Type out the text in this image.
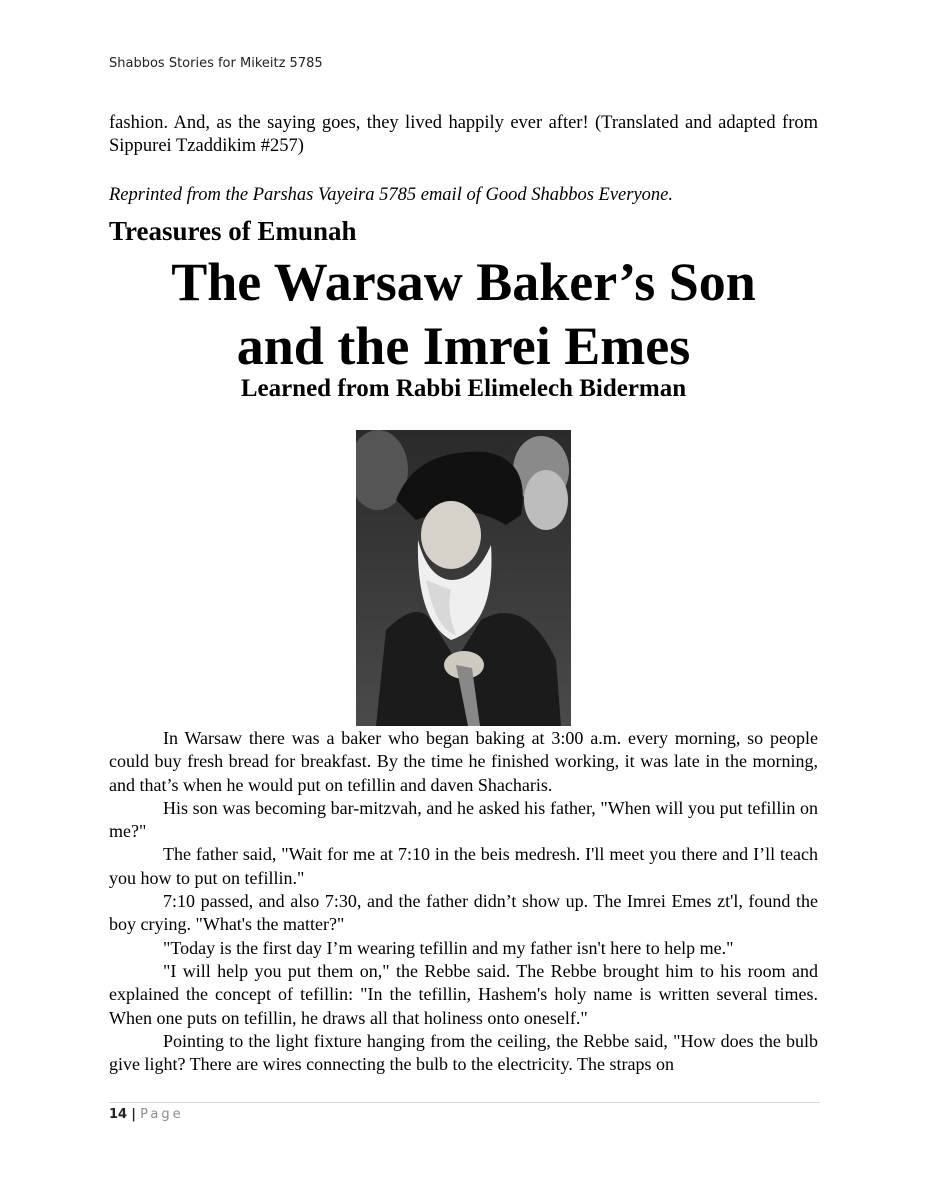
Shabbos Stories for Mikeitz 5785
fashion. And, as the saying goes, they lived happily ever after! (Translated and adapted from Sippurei Tzaddikim #257)
Reprinted from the Parshas Vayeira 5785 email of Good Shabbos Everyone.
Treasures of Emunah
The Warsaw Baker’s Son
and the Imrei Emes
Learned from Rabbi Elimelech Biderman

In Warsaw there was a baker who began baking at 3:00 a.m. every morning, so people could buy fresh bread for breakfast. By the time he finished working, it was late in the morning, and that’s when he would put on tefillin and daven Shacharis.

His son was becoming bar-mitzvah, and he asked his father, "When will you put tefillin on me?"

The father said, "Wait for me at 7:10 in the beis medresh. I'll meet you there and I’ll teach you how to put on tefillin."

7:10 passed, and also 7:30, and the father didn’t show up. The Imrei Emes zt'l, found the boy crying. "What's the matter?"

"Today is the first day I’m wearing tefillin and my father isn't here to help me."

"I will help you put them on," the Rebbe said. The Rebbe brought him to his room and explained the concept of tefillin: "In the tefillin, Hashem's holy name is written several times. When one puts on tefillin, he draws all that holiness onto oneself."

Pointing to the light fixture hanging from the ceiling, the Rebbe said, "How does the bulb give light? There are wires connecting the bulb to the electricity. The straps on

14 | Page
